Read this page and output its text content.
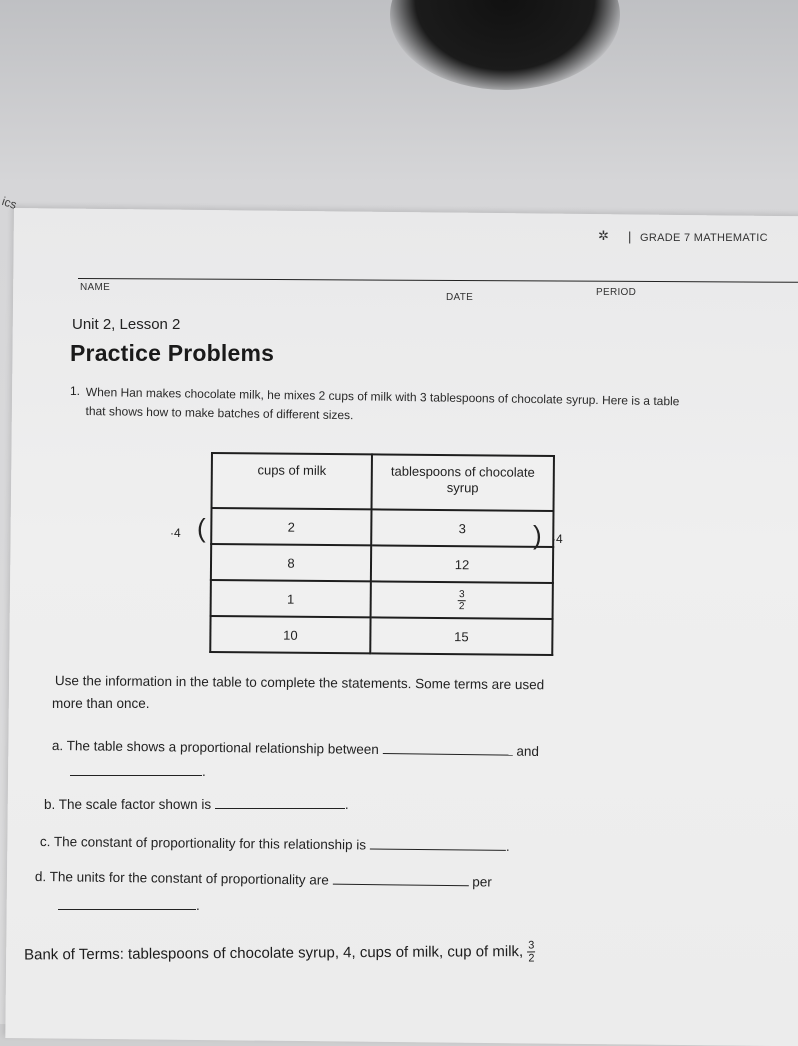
ics
✲ | GRADE 7 MATHEMATIC
NAME
DATE	PERIOD
Unit 2, Lesson 2
Practice Problems
1. When Han makes chocolate milk, he mixes 2 cups of milk with 3 tablespoons of chocolate syrup. Here is a table that shows how to make batches of different sizes.
cups of milk	tablespoons of chocolate syrup
2	3
8	12
1	$\frac{3}{2}$

10	15
·4 (	) ·4
Use the information in the table to complete the statements. Some terms are used
more than once.
a. The table shows a proportional relationship between	and
.
b. The scale factor shown is	.
c. The constant of proportionality for this relationship is	.
d. The units for the constant of proportionality are	per
.
Bank of Terms: tablespoons of chocolate syrup, 4, cups of milk, cup of milk, $\frac{3}{2}$
